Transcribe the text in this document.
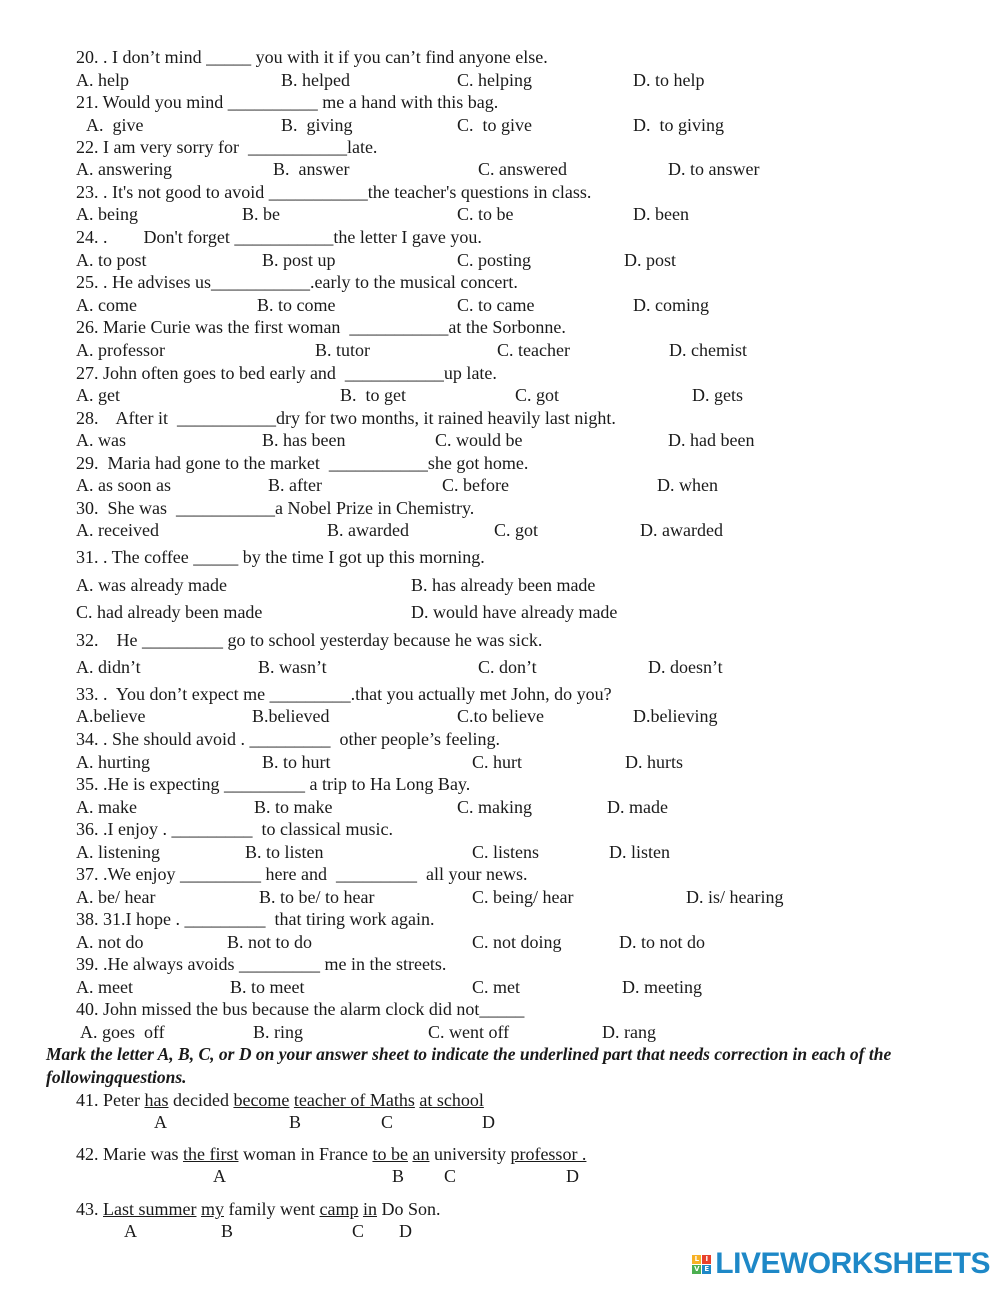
20. . I don’t mind _____ you with it if you can’t find anyone else.
A. help	B. helped	C. helping	D. to help
21. Would you mind __________ me a hand with this bag.
A.  give	B.  giving	C.  to give	D.  to giving
22. I am very sorry for  ___________late.
A. answering	B.  answer	C. answered	D. to answer
23. . It's not good to avoid ___________the teacher's questions in class.
A. being	B. be	C. to be	D. been
24. .        Don't forget ___________the letter I gave you.
A. to post	B. post up	C. posting	D. post
25. . He advises us___________.early to the musical concert.
A. come	B. to come	C. to came	D. coming
26. Marie Curie was the first woman  ___________at the Sorbonne.
A. professor	B. tutor	C. teacher	D. chemist
27. John often goes to bed early and  ___________up late.
A. get	B.  to get	C. got	D. gets
28.    After it  ___________dry for two months, it rained heavily last night.
A. was	B. has been	C. would be	D. had been
29.  Maria had gone to the market  ___________she got home.
A. as soon as	B. after	C. before	D. when
30.  She was  ___________a Nobel Prize in Chemistry.
A. received	B. awarded	C. got	D. awarded
31. . The coffee _____ by the time I got up this morning.
A. was already made	B. has already been made
C. had already been made	D. would have already made
32.    He _________ go to school yesterday because he was sick.
A. didn’t	B. wasn’t	C. don’t	D. doesn’t
33. .  You don’t expect me _________.that you actually met John, do you?
A.believe	B.believed	C.to believe	D.believing
34. . She should avoid . _________  other people’s feeling.
A. hurting	B. to hurt	C. hurt	D. hurts
35. .He is expecting _________ a trip to Ha Long Bay.
A. make	B. to make	C. making	D. made
36. .I enjoy . _________  to classical music.
A. listening	B. to listen	C. listens	D. listen
37. .We enjoy _________ here and  _________  all your news.
A. be/ hear	B. to be/ to hear	C. being/ hear	D. is/ hearing
38. 31.I hope . _________  that tiring work again.
A. not do	B. not to do	C. not doing	D. to not do
39. .He always avoids _________ me in the streets.
A. meet	B. to meet	C. met	D. meeting
40. John missed the bus because the alarm clock did not_____
A. goes  off	B. ring	C. went off	D. rang
Mark the letter A, B, C, or D on your answer sheet to indicate the underlined part that needs correction in each of the followingquestions.
41. Peter has decided become teacher of Maths at school
A	B	C	D
42. Marie was the first woman in France to be an university professor .
A	B C	D
43. Last summer my family went camp in Do Son.
A	B	C D
L I
V E LIVEWORKSHEETS
